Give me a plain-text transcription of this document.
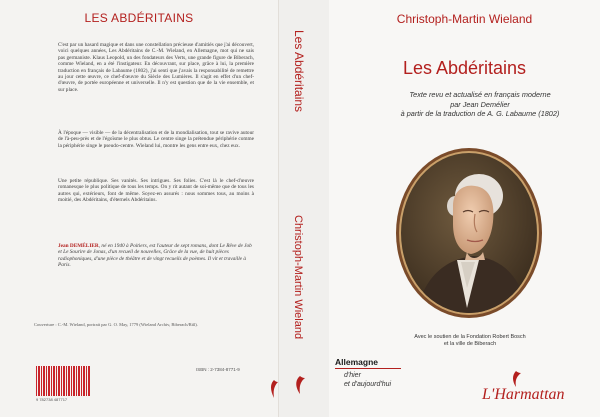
LES ABDÉRITAINS

C'est par un hasard magique et dans une constellation précieuse d'amitiés que j'ai découvert, voici quelques années, Les Abdéritains de C.-M. Wieland, en Allemagne, mot qui ne sais pas germaniste. Klaus Leopold, un des fondateurs des Verts, une grande figure de Biberach, comme Wieland, en a été l'instigateur. En découvrant, sur place, grâce à lui, la première traduction en français de Labaume (1802), j'ai senti que j'avais la responsabilité de remettre au jour cette œuvre, ce chef-d'œuvre du Siècle des Lumières. Il s'agit en effet d'un chef-d'œuvre, de portée européenne et universelle. Il n'y est question que de la vie ensemble, et sur place.

À l'époque — visible — de la décentralisation et de la mondialisation, tout se ravive autour de l'à-peu-près et de l'égoïsme le plus obtus. Le centre singe la prétendue périphérie comme la périphérie singe le pseudo-centre. Wieland lui, montre les gens entre eux, chez eux.

Une petite république. Ses vanités. Ses intrigues. Ses folies. C'est là le chef-d'œuvre romanesque le plus politique de tous les temps. On y rit autant de soi-même que de tous les autres qui, extérieurs, font de même. Soyez-en assurés : nous sommes tous, au moins à moitié, des Abdéritains, d'éternels Abdéritains.

Jean DEMÉLIER, né en 1940 à Poitiers, est l'auteur de sept romans, dont Le Rêve de Job et Le Sourire de Jonas, d'un recueil de nouvelles, Grâce de la vue, de huit pièces radiophoniques, d'une pièce de théâtre et de vingt recueils de poèmes. Il vit et travaille à Paris.

Couverture : C.-M. Wieland, portrait par G. O. May, 1779 (Wieland Archiv, Biberach/Riß).

9 782738 487717
ISBN : 2-7384-8771-9
Les Abdéritains
Christoph-Martin Wieland
Christoph-Martin Wieland
Les Abdéritains

Texte revu et actualisé en français moderne
par Jean Demélier
à partir de la traduction de A. G. Labaume (1802)

Avec le soutien de la Fondation Robert Bosch
et la ville de Biberach

Allemagne

d'hier
et d'aujourd'hui

L'Harmattan
